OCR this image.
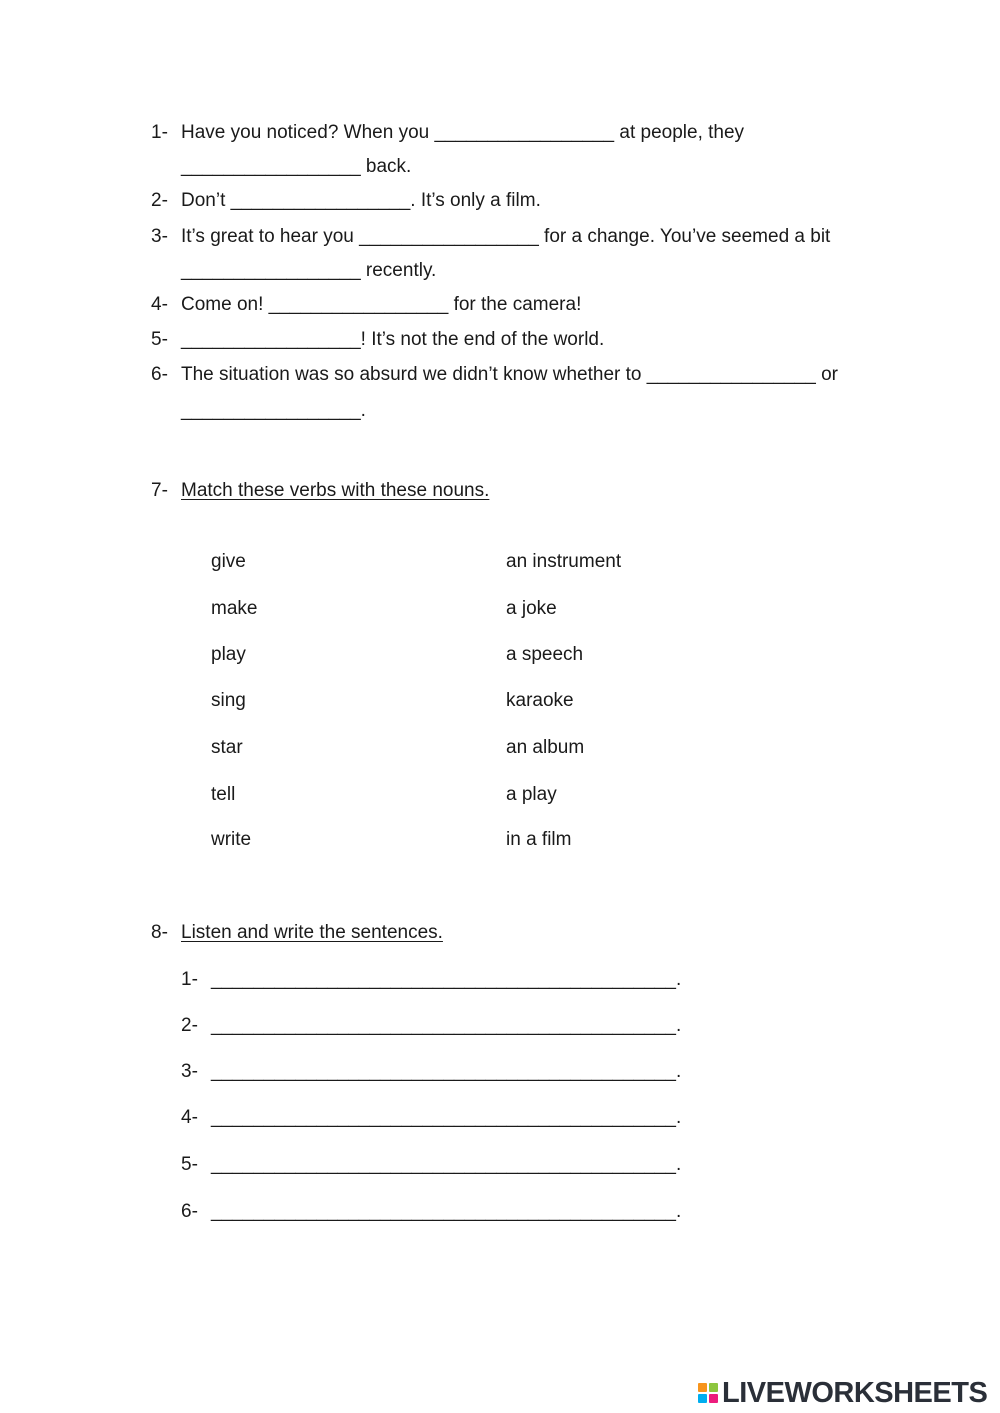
1- Have you noticed? When you _________________ at people, they
_________________ back.
2- Don’t _________________. It’s only a film.
3- It’s great to hear you _________________ for a change. You’ve seemed a bit
_________________ recently.
4- Come on! _________________ for the camera!
5- _________________! It’s not the end of the world.
6- The situation was so absurd we didn’t know whether to ________________ or
_________________.
7- Match these verbs with these nouns.
give
make
play
sing
star
tell
write
an instrument
a joke
a speech
karaoke
an album
a play
in a film
8- Listen and write the sentences.
1- ____________________________________________.
2- ____________________________________________.
3- ____________________________________________.
4- ____________________________________________.
5- ____________________________________________.
6- ____________________________________________.
LIVEWORKSHEETS
